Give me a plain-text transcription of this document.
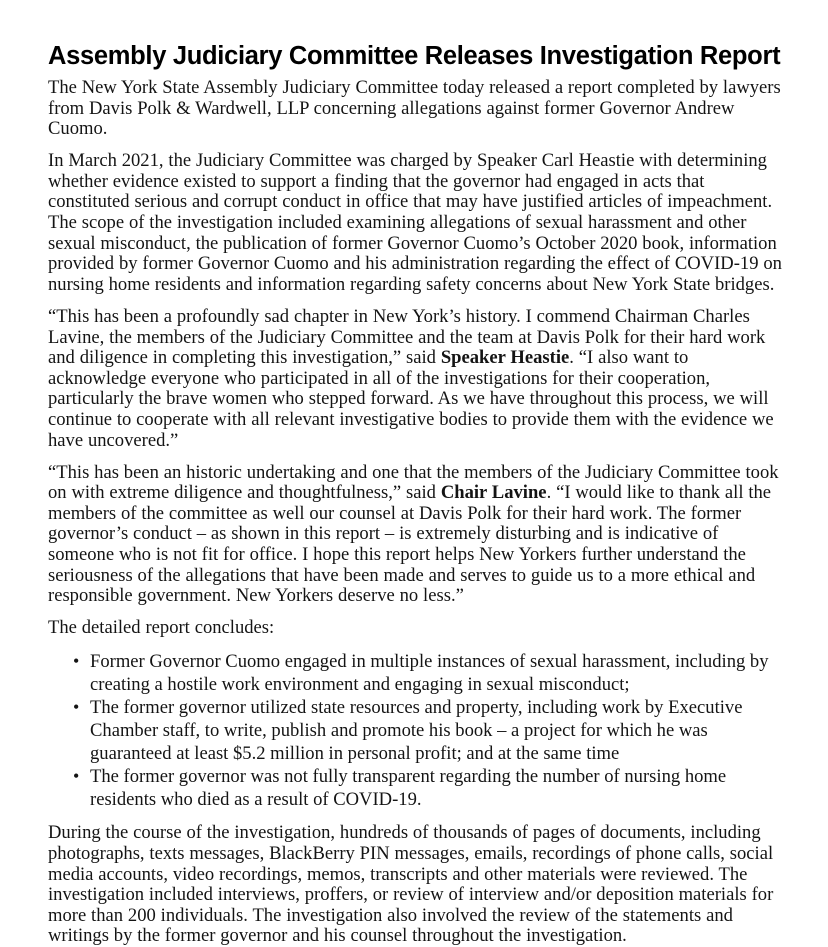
Assembly Judiciary Committee Releases Investigation Report

The New York State Assembly Judiciary Committee today released a report completed by lawyers from Davis Polk & Wardwell, LLP concerning allegations against former Governor Andrew Cuomo.

In March 2021, the Judiciary Committee was charged by Speaker Carl Heastie with determining whether evidence existed to support a finding that the governor had engaged in acts that constituted serious and corrupt conduct in office that may have justified articles of impeachment. The scope of the investigation included examining allegations of sexual harassment and other sexual misconduct, the publication of former Governor Cuomo’s October 2020 book, information provided by former Governor Cuomo and his administration regarding the effect of COVID-19 on nursing home residents and information regarding safety concerns about New York State bridges.

“This has been a profoundly sad chapter in New York’s history. I commend Chairman Charles Lavine, the members of the Judiciary Committee and the team at Davis Polk for their hard work and diligence in completing this investigation,” said Speaker Heastie. “I also want to acknowledge everyone who participated in all of the investigations for their cooperation, particularly the brave women who stepped forward. As we have throughout this process, we will continue to cooperate with all relevant investigative bodies to provide them with the evidence we have uncovered.”

“This has been an historic undertaking and one that the members of the Judiciary Committee took on with extreme diligence and thoughtfulness,” said Chair Lavine. “I would like to thank all the members of the committee as well our counsel at Davis Polk for their hard work. The former governor’s conduct – as shown in this report – is extremely disturbing and is indicative of someone who is not fit for office. I hope this report helps New Yorkers further understand the seriousness of the allegations that have been made and serves to guide us to a more ethical and responsible government. New Yorkers deserve no less.”

The detailed report concludes:

• Former Governor Cuomo engaged in multiple instances of sexual harassment, including by creating a hostile work environment and engaging in sexual misconduct;
• The former governor utilized state resources and property, including work by Executive Chamber staff, to write, publish and promote his book – a project for which he was guaranteed at least $5.2 million in personal profit; and at the same time
• The former governor was not fully transparent regarding the number of nursing home residents who died as a result of COVID-19.

During the course of the investigation, hundreds of thousands of pages of documents, including photographs, texts messages, BlackBerry PIN messages, emails, recordings of phone calls, social media accounts, video recordings, memos, transcripts and other materials were reviewed. The investigation included interviews, proffers, or review of interview and/or deposition materials for more than 200 individuals. The investigation also involved the review of the statements and writings by the former governor and his counsel throughout the investigation.
